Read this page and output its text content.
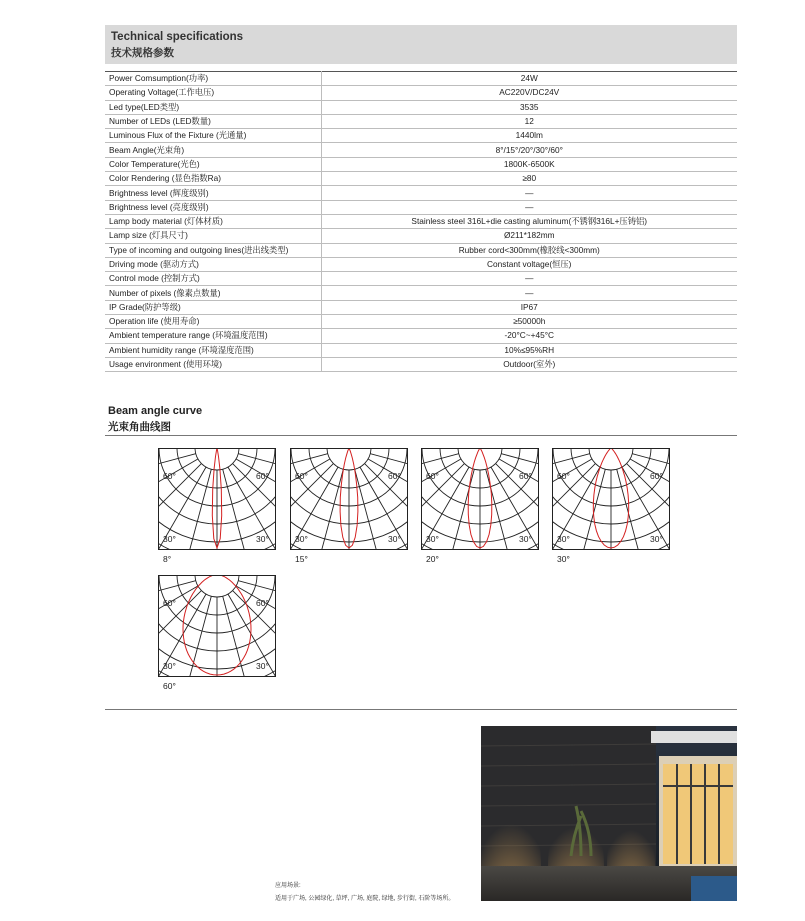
Technical specifications
技术规格参数
Power Comsumption(功率)	24W
Operating Voltage(工作电压)	AC220V/DC24V
Led type(LED类型)	3535
Number of LEDs (LED数量)	12
Luminous Flux of the Fixture (光通量)	1440lm
Beam Angle(光束角)	8°/15°/20°/30°/60°
Color Temperature(光色)	1800K-6500K
Color Rendering (显色指数Ra)	≥80
Brightness level (辉度级别)	—
Brightness level (亮度级别)	—
Lamp body material (灯体材质)	Stainless steel 316L+die casting aluminum(不锈钢316L+压铸铝)
Lamp size (灯具尺寸)	Ø211*182mm
Type of incoming and outgoing lines(进出线类型)	Rubber cord<300mm(橡胶线<300mm)
Driving mode (驱动方式)	Constant voltage(恒压)
Control mode (控制方式)	—
Number of pixels (像素点数量)	—
IP Grade(防护等级)	IP67
Operation life (使用寿命)	≥50000h
Ambient temperature range (环境温度范围)	-20°C~+45°C
Ambient humidity range (环境湿度范围)	10%≤95%RH
Usage environment (使用环境)	Outdoor(室外)
Beam angle curve
光束角曲线图
60°	60°
30°	30°
8°
60°	60°
30°	30°
15°
60°	60°
30°	30°
20°
60°	60°
30°	30°
30°
60°	60°
30°	30°
60°
应用场景:
适用于广场, 公园绿化, 草坪, 广场, 庭院, 绿地, 步行街, 石阶等场所。
